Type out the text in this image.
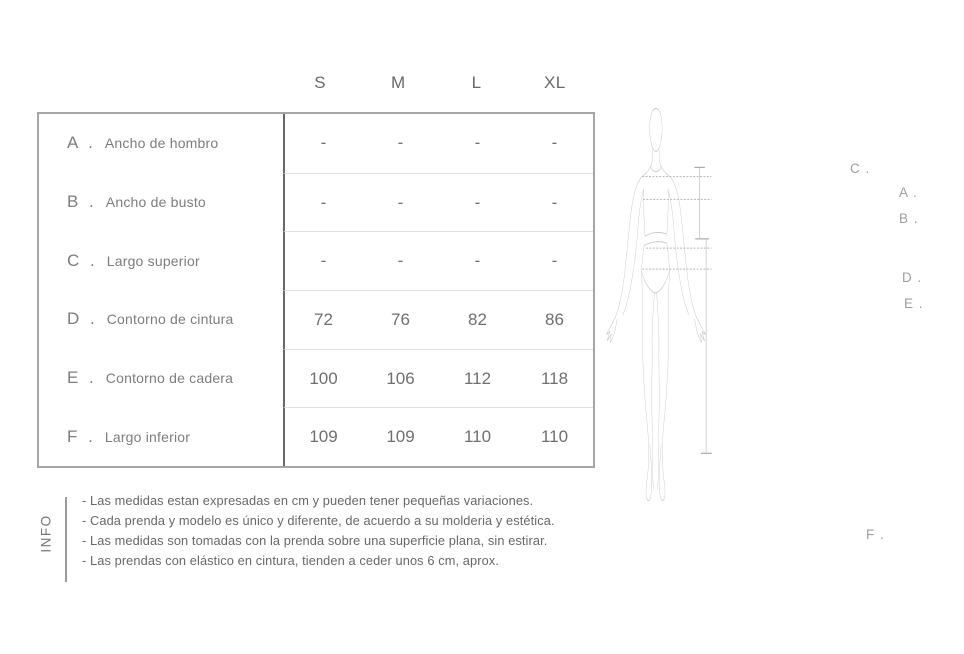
S	M	L	XL
A . Ancho de hombro	-	-	-	-
B . Ancho de busto	-	-	-	-
C . Largo superior	-	-	-	-
D . Contorno de cintura	72	76	82	86
E . Contorno de cadera	100	106	112	118
F . Largo inferior	109	109	110	110
C .
A .
B .
D .
E .
F .
INFO
- Las medidas estan expresadas en cm y pueden tener pequeñas variaciones.
- Cada prenda y modelo es único y diferente, de acuerdo a su molderia y estética.
- Las medidas son tomadas con la prenda sobre una superficie plana, sin estirar.
- Las prendas con elástico en cintura, tienden a ceder unos 6 cm, aprox.
